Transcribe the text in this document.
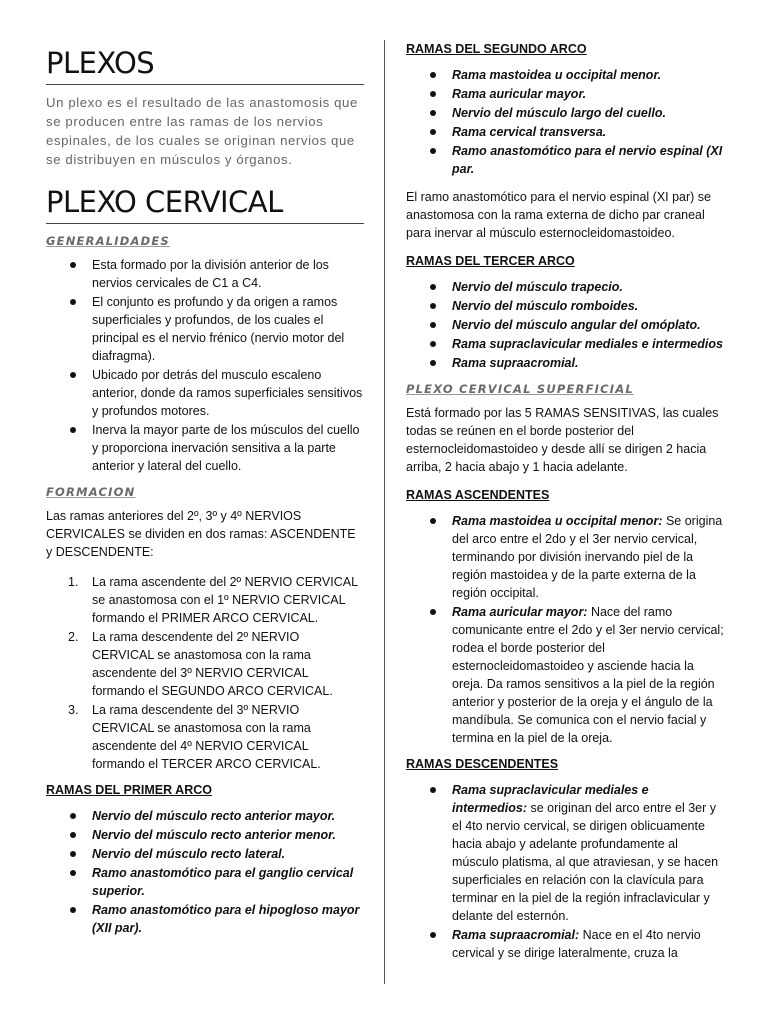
PLEXOS

Un plexo es el resultado de las anastomosis que se producen entre las ramas de los nervios espinales, de los cuales se originan nervios que se distribuyen en músculos y órganos.

PLEXO CERVICAL
GENERALIDADES
Esta formado por la división anterior de los nervios cervicales de C1 a C4.
El conjunto es profundo y da origen a ramos superficiales y profundos, de los cuales el principal es el nervio frénico (nervio motor del diafragma).
Ubicado por detrás del musculo escaleno anterior, donde da ramos superficiales sensitivos y profundos motores.
Inerva la mayor parte de los músculos del cuello y proporciona inervación sensitiva a la parte anterior y lateral del cuello.
FORMACION

Las ramas anteriores del 2º, 3º y 4º NERVIOS CERVICALES se dividen en dos ramas: ASCENDENTE y DESCENDENTE:

1. La rama ascendente del 2º NERVIO CERVICAL se anastomosa con el 1º NERVIO CERVICAL formando el PRIMER ARCO CERVICAL.
2. La rama descendente del 2º NERVIO CERVICAL se anastomosa con la rama ascendente del 3º NERVIO CERVICAL formando el SEGUNDO ARCO CERVICAL.
3. La rama descendente del 3º NERVIO CERVICAL se anastomosa con la rama ascendente del 4º NERVIO CERVICAL formando el TERCER ARCO CERVICAL.
RAMAS DEL PRIMER ARCO
Nervio del músculo recto anterior mayor.
Nervio del músculo recto anterior menor.
Nervio del músculo recto lateral.
Ramo anastomótico para el ganglio cervical superior.
Ramo anastomótico para el hipogloso mayor (XII par).
RAMAS DEL SEGUNDO ARCO
Rama mastoidea u occipital menor.
Rama auricular mayor.
Nervio del músculo largo del cuello.
Rama cervical transversa.
Ramo anastomótico para el nervio espinal (XI par.

El ramo anastomótico para el nervio espinal (XI par) se anastomosa con la rama externa de dicho par craneal para inervar al músculo esternocleidomastoideo.

RAMAS DEL TERCER ARCO
Nervio del músculo trapecio.
Nervio del músculo romboides.
Nervio del músculo angular del omóplato.
Rama supraclavicular mediales e intermedios
Rama supraacromial.
PLEXO CERVICAL SUPERFICIAL

Está formado por las 5 RAMAS SENSITIVAS, las cuales todas se reúnen en el borde posterior del esternocleidomastoideo y desde allí se dirigen 2 hacia arriba, 2 hacia abajo y 1 hacia adelante.

RAMAS ASCENDENTES
Rama mastoidea u occipital menor: Se origina del arco entre el 2do y el 3er nervio cervical, terminando por división inervando piel de la región mastoidea y de la parte externa de la región occipital.
Rama auricular mayor: Nace del ramo comunicante entre el 2do y el 3er nervio cervical; rodea el borde posterior del esternocleidomastoideo y asciende hacia la oreja. Da ramos sensitivos a la piel de la región anterior y posterior de la oreja y el ángulo de la mandíbula. Se comunica con el nervio facial y termina en la piel de la oreja.
RAMAS DESCENDENTES
Rama supraclavicular mediales e intermedios: se originan del arco entre el 3er y el 4to nervio cervical, se dirigen oblicuamente hacia abajo y adelante profundamente al músculo platisma, al que atraviesan, y se hacen superficiales en relación con la clavícula para terminar en la piel de la región infraclavicular y delante del esternón.
Rama supraacromial: Nace en el 4to nervio cervical y se dirige lateralmente, cruza la
